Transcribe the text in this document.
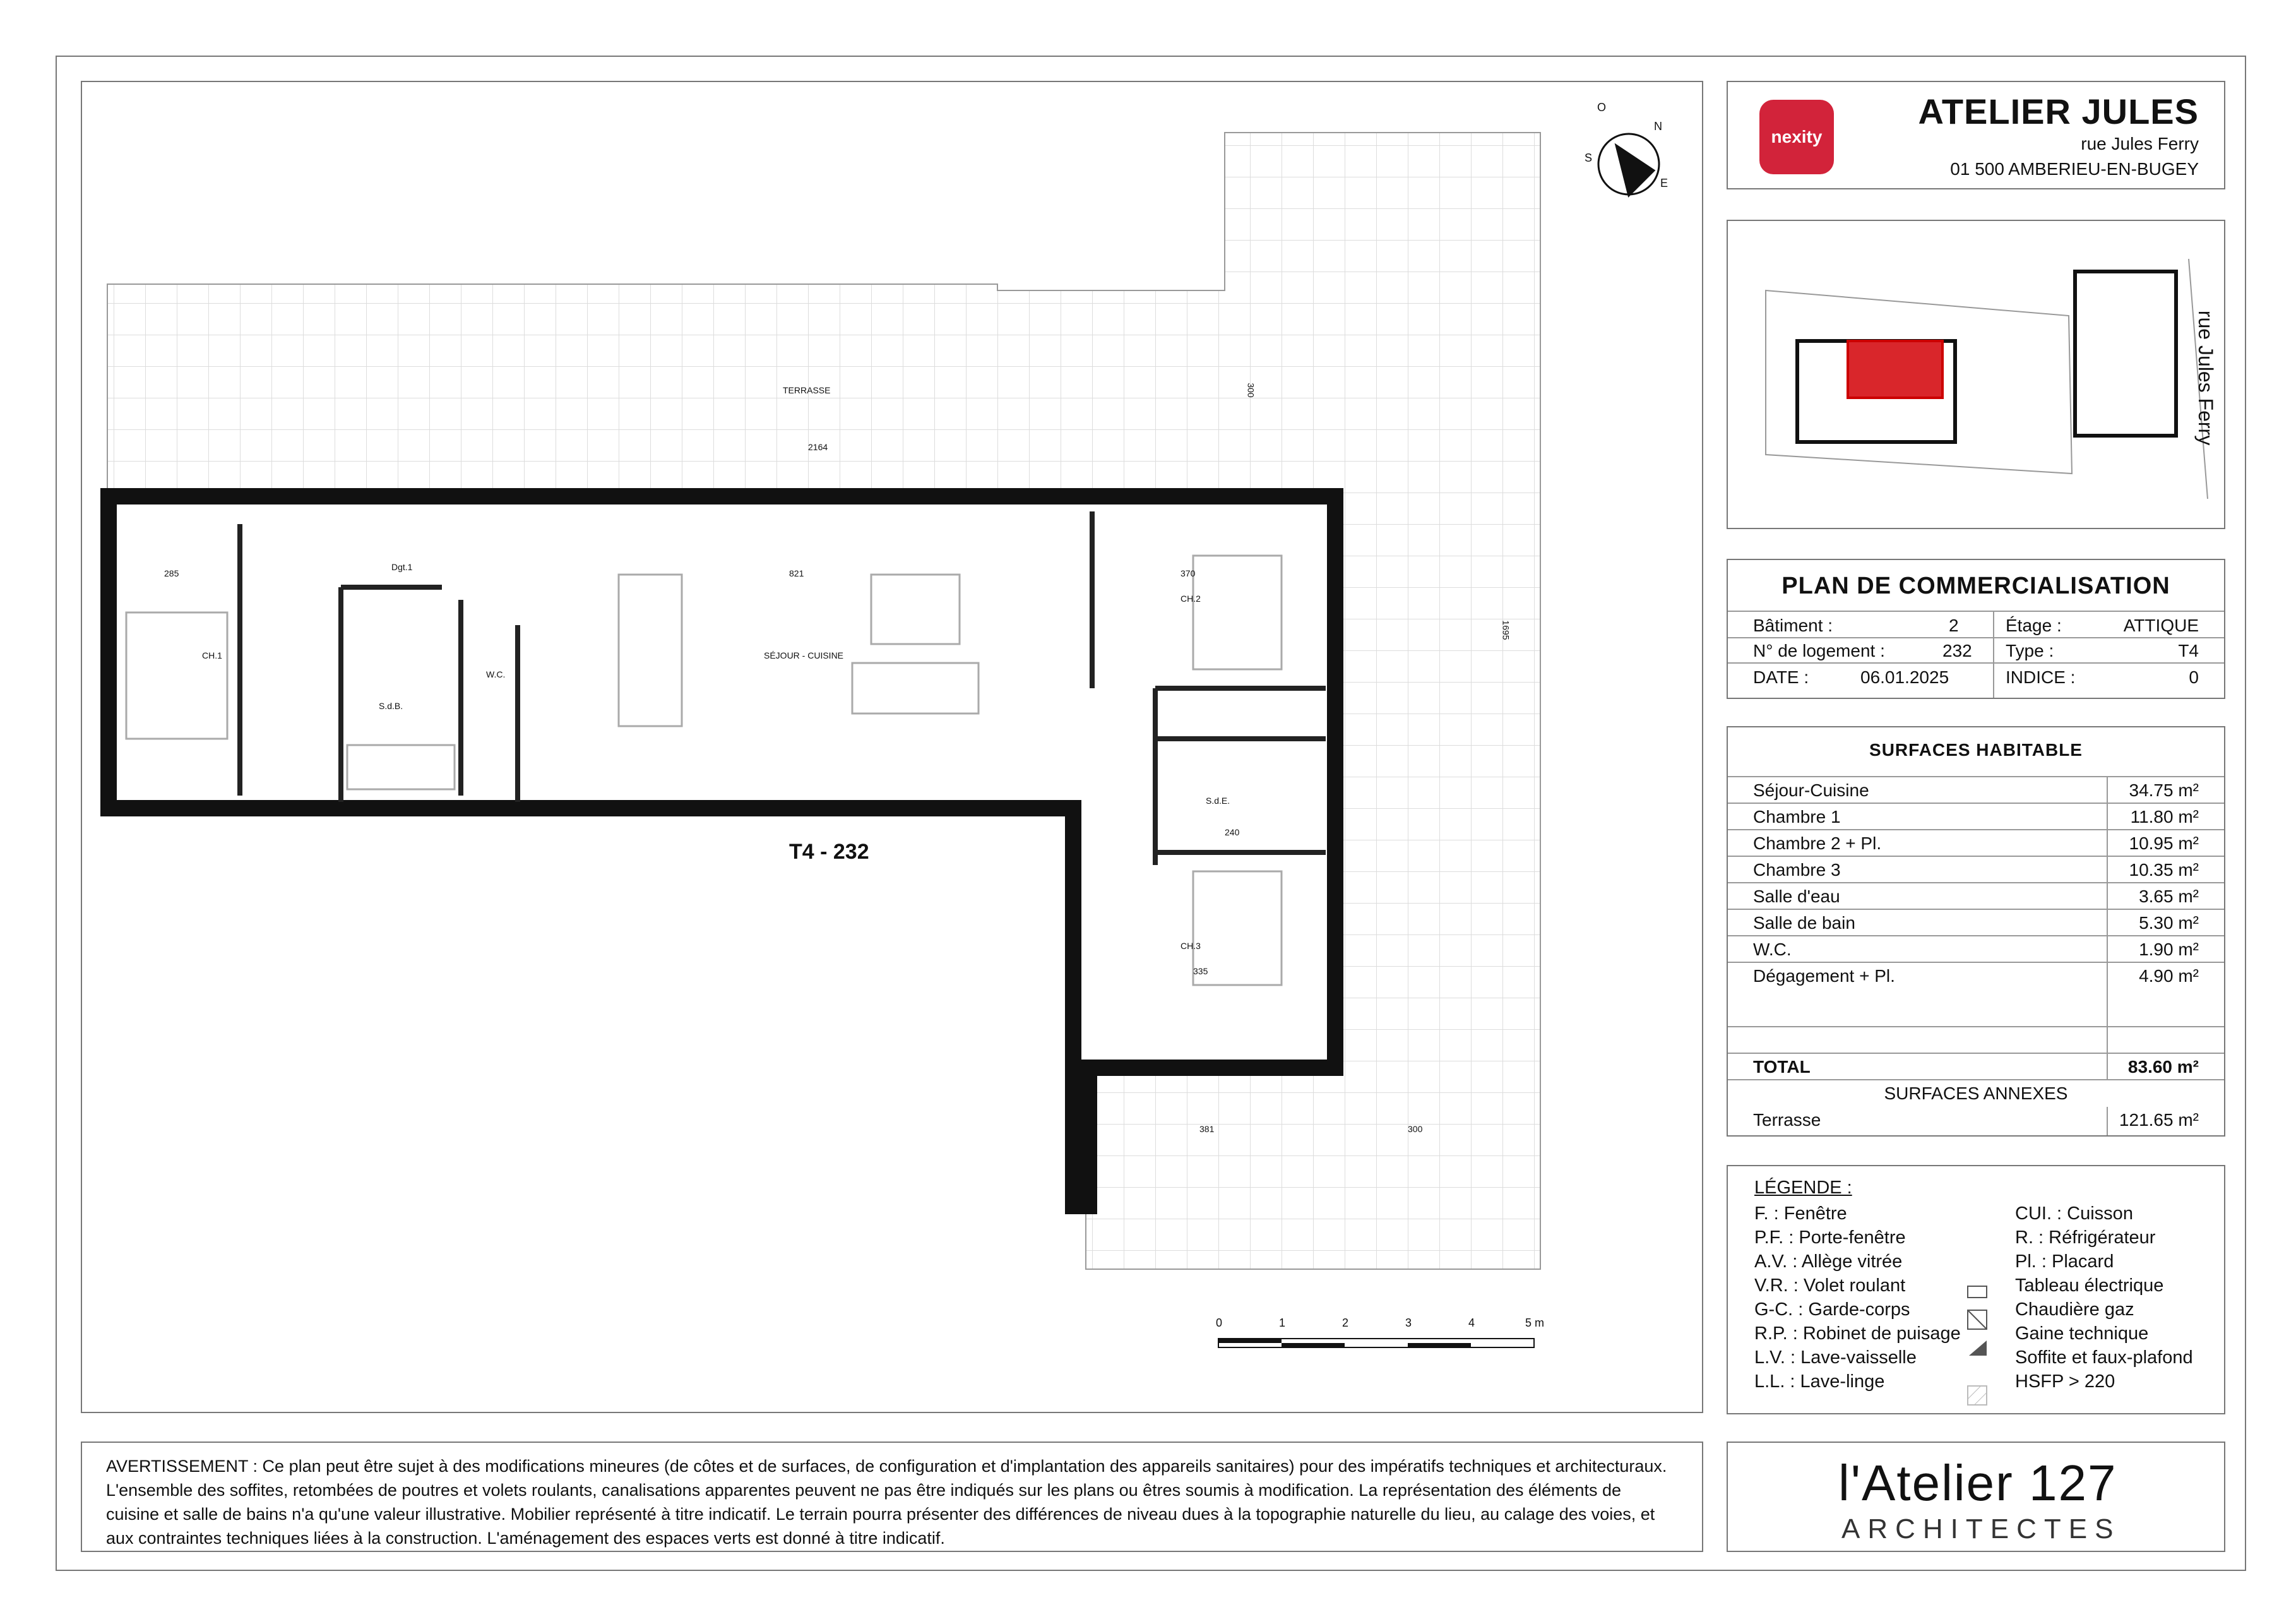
T4 - 232
TERRASSE
CH.1	SÉJOUR - CUISINE
CH.2
S.d.B.
S.d.E.
CH.3
W.C.
Dgt.1
2164
1695
300
821
285	370
381	300
335
240
0	1	2	3	4	5 m
N
E
S
O
nexity
ATELIER JULES
rue Jules Ferry
01 500 AMBERIEU-EN-BUGEY
rue Jules Ferry
PLAN DE COMMERCIALISATION
Bâtiment :	2	Étage :	ATTIQUE
N° de logement :	232 Type :	T4
DATE :	06.01.2025	INDICE :	0
SURFACES HABITABLE
Séjour-Cuisine	34.75 m²
Chambre 1	11.80 m²
Chambre 2 + Pl.	10.95 m²
Chambre 3	10.35 m²
Salle d'eau	3.65 m²
Salle de bain	5.30 m²
W.C.	1.90 m²
Dégagement + Pl.	4.90 m²
TOTAL	83.60 m²
SURFACES ANNEXES
Terrasse	121.65 m²
LÉGENDE :
F. : Fenêtre
P.F. : Porte-fenêtre
A.V. : Allège vitrée
V.R. : Volet roulant
G-C. : Garde-corps
R.P. : Robinet de puisage
L.V. : Lave-vaisselle
L.L. : Lave-linge
CUI. : Cuisson
R. : Réfrigérateur
Pl. : Placard
Tableau électrique
Chaudière gaz
Gaine technique
Soffite et faux-plafond
HSFP > 220
AVERTISSEMENT : Ce plan peut être sujet à des modifications mineures (de côtes et de surfaces, de configuration et d'implantation des appareils sanitaires) pour des impératifs techniques et architecturaux. L'ensemble des soffites, retombées de poutres et volets roulants, canalisations apparentes peuvent ne pas être indiqués sur les plans ou êtres soumis à modification. La représentation des éléments de cuisine et salle de bains n'a qu'une valeur illustrative. Mobilier représenté à titre indicatif. Le terrain pourra présenter des différences de niveau dues à la topographie naturelle du lieu, au calage des voies, et aux contraintes techniques liées à la construction. L'aménagement des espaces verts est donné à titre indicatif.
l'Atelier 127
ARCHITECTES
